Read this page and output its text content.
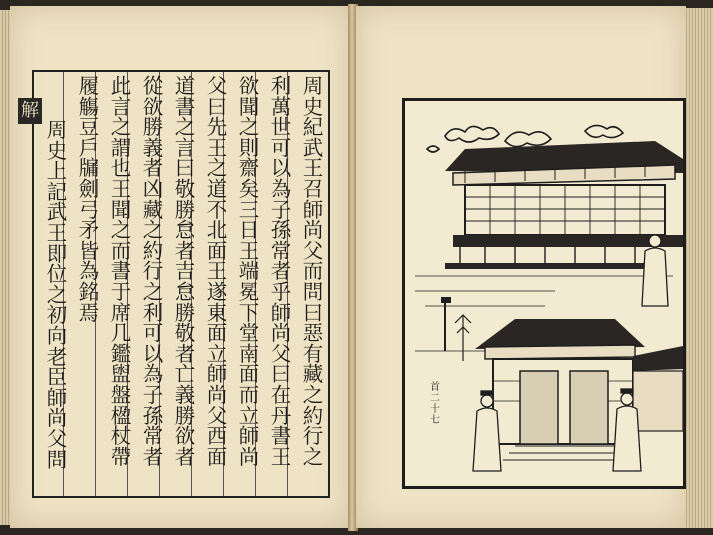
周
史
紀
武
王
召
師
尚
父
而
問
曰
惡
有
藏
之
約
行
之
利
萬
世
可
以
為
子
孫
常
者
乎
師
尚
父
曰
在
丹
書
王
欲
聞
之
則
齋
矣
三
日
王
端
冕
下
堂
南
面
而
立
師
尚
父
曰
先
王
之
道
不
北
面
王
遂
東
面
立
師
尚
父
西
面
道
書
之
言
曰
敬
勝
怠
者
吉
怠
勝
敬
者
亡
義
勝
欲
者
從
欲
勝
義
者
凶
藏
之
約
行
之
利
可
以
為
子
孫
常
者
此
言
之
謂
也
王
聞
之
而
書
于
席
几
鑑
盥
盤
楹
杖
帶
履
觴
豆
戶
牖
劍
弓
矛
皆
為
銘
焉
周
史
上
記
武
王
即
位
之
初
向
老
臣
師
尚
父
問
解
首
二
十
七
